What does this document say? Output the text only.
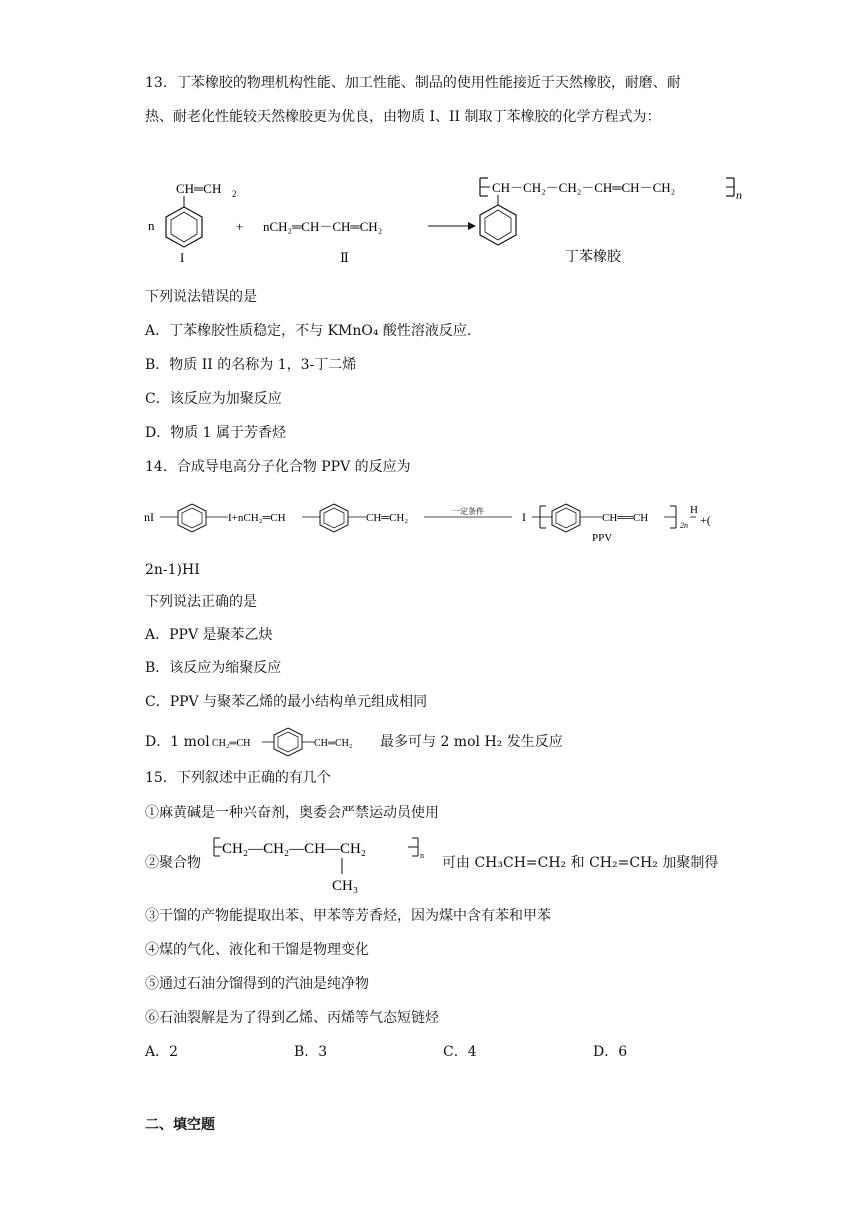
13．丁苯橡胶的物理机构性能、加工性能、制品的使用性能接近于天然橡胶，耐磨、耐
热、耐老化性能较天然橡胶更为优良，由物质 I、II 制取丁苯橡胶的化学方程式为：
n
CH═CH 2
I
+ nCH₂═CH－CH═CH₂
Ⅱ
CH－CH₂－CH₂－CH═CH－CH₂	n
丁苯橡胶
下列说法错误的是
A．丁苯橡胶性质稳定，不与 KMnO₄ 酸性溶液反应.
B．物质 II 的名称为 1，3-丁二烯
C．该反应为加聚反应
D．物质 1 属于芳香烃
14．合成导电高分子化合物 PPV 的反应为
nI	I+nCH₂═CH	CH═CH₂
一定条件	I	CH══CH
2n
H
+(
PPV
2n-1)HI
下列说法正确的是
A．PPV 是聚苯乙炔
B．该反应为缩聚反应
C．PPV 与聚苯乙烯的最小结构单元组成相同
D．1 mol CH₂═CH	CH═CH₂ 最多可与 2 mol H₂ 发生反应
15．下列叙述中正确的有几个
①麻黄碱是一种兴奋剂，奥委会严禁运动员使用
②聚合物
CH₂—CH₂—CH—CH₂	n
CH₃
可由 CH₃CH=CH₂ 和 CH₂=CH₂ 加聚制得
③干馏的产物能提取出苯、甲苯等芳香烃，因为煤中含有苯和甲苯
④煤的气化、液化和干馏是物理变化
⑤通过石油分馏得到的汽油是纯净物
⑥石油裂解是为了得到乙烯、丙烯等气态短链烃
A．2	B．3	C．4	D．6
二、填空题
